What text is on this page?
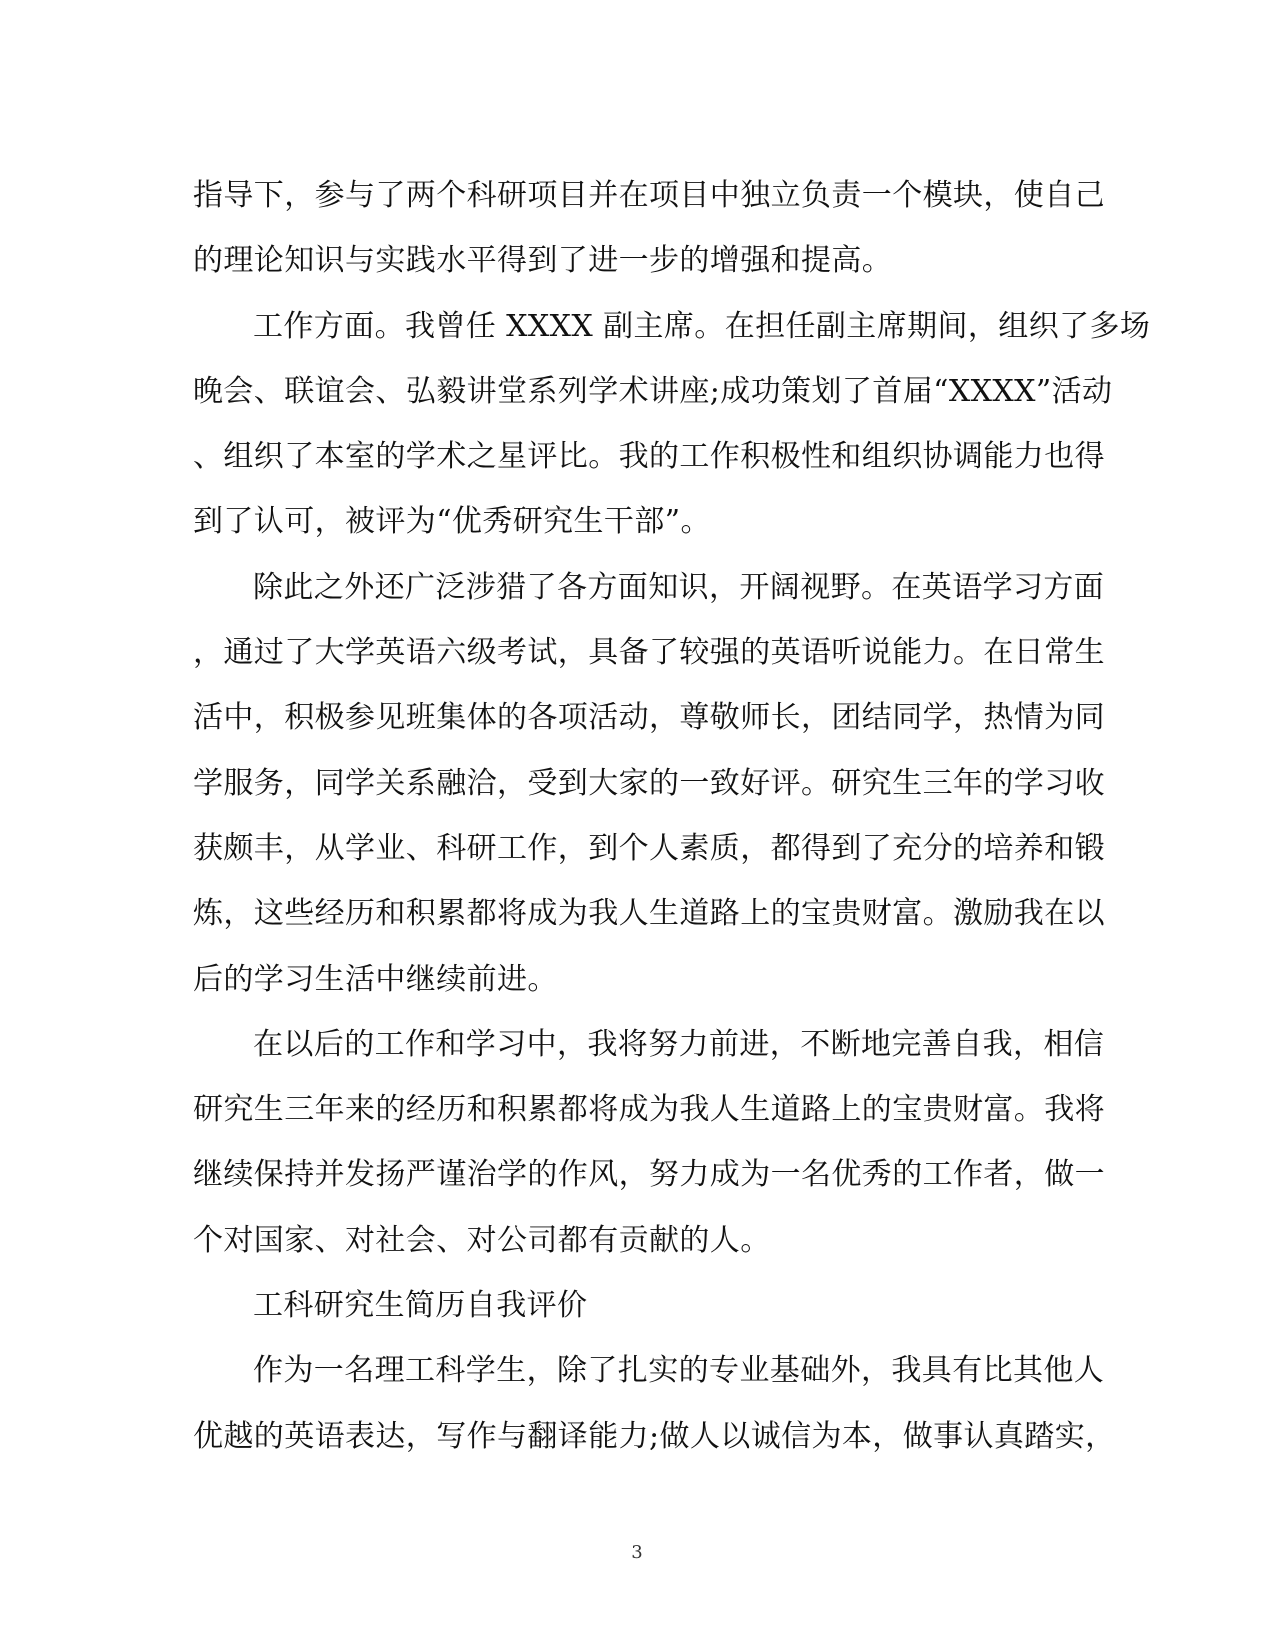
指导下，参与了两个科研项目并在项目中独立负责一个模块，使自己
的理论知识与实践水平得到了进一步的增强和提高。
工作方面。我曾任 XXXX 副主席。在担任副主席期间，组织了多场
晚会、联谊会、弘毅讲堂系列学术讲座;成功策划了首届“XXXX”活动
、组织了本室的学术之星评比。我的工作积极性和组织协调能力也得
到了认可，被评为“优秀研究生干部”。
除此之外还广泛涉猎了各方面知识，开阔视野。在英语学习方面
，通过了大学英语六级考试，具备了较强的英语听说能力。在日常生
活中，积极参见班集体的各项活动，尊敬师长，团结同学，热情为同
学服务，同学关系融洽，受到大家的一致好评。研究生三年的学习收
获颇丰，从学业、科研工作，到个人素质，都得到了充分的培养和锻
炼，这些经历和积累都将成为我人生道路上的宝贵财富。激励我在以
后的学习生活中继续前进。
在以后的工作和学习中，我将努力前进，不断地完善自我，相信
研究生三年来的经历和积累都将成为我人生道路上的宝贵财富。我将
继续保持并发扬严谨治学的作风，努力成为一名优秀的工作者，做一
个对国家、对社会、对公司都有贡献的人。
工科研究生简历自我评价
作为一名理工科学生，除了扎实的专业基础外，我具有比其他人
优越的英语表达，写作与翻译能力;做人以诚信为本，做事认真踏实，
3
